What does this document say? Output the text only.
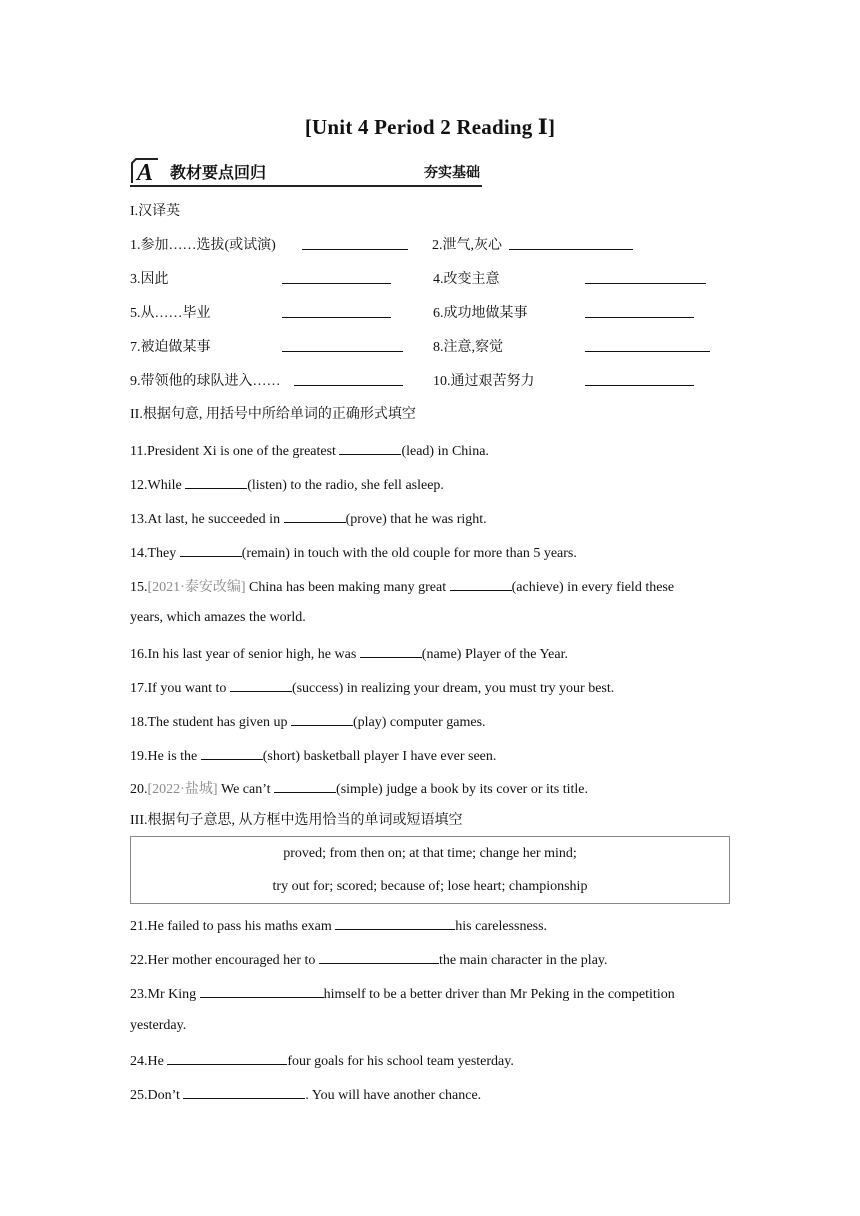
[Unit 4 Period 2 Reading Ⅰ]
A 教材要点回归	夯实基础
I.汉译英
1.参加……选拔(或试演)	2.泄气,灰心
3.因此	4.改变主意
5.从……毕业	6.成功地做某事
7.被迫做某事	8.注意,察觉
9.带领他的球队进入……	10.通过艰苦努力
II.根据句意, 用括号中所给单词的正确形式填空
11.President Xi is one of the greatest	(lead) in China.
12.While	(listen) to the radio, she fell asleep.
13.At last, he succeeded in	(prove) that he was right.
14.They	(remain) in touch with the old couple for more than 5 years.
15.[2021·泰安改编] China has been making many great	(achieve) in every field these
years, which amazes the world.
16.In his last year of senior high, he was	(name) Player of the Year.
17.If you want to	(success) in realizing your dream, you must try your best.
18.The student has given up	(play) computer games.
19.He is the	(short) basketball player I have ever seen.
20.[2022·盐城] We can’t	(simple) judge a book by its cover or its title.
III.根据句子意思, 从方框中选用恰当的单词或短语填空
proved; from then on; at that time; change her mind;
try out for; scored; because of; lose heart; championship
21.He failed to pass his maths exam	his carelessness.
22.Her mother encouraged her to	the main character in the play.
23.Mr King	himself to be a better driver than Mr Peking in the competition
yesterday.
24.He	four goals for his school team yesterday.
25.Don’t	. You will have another chance.
